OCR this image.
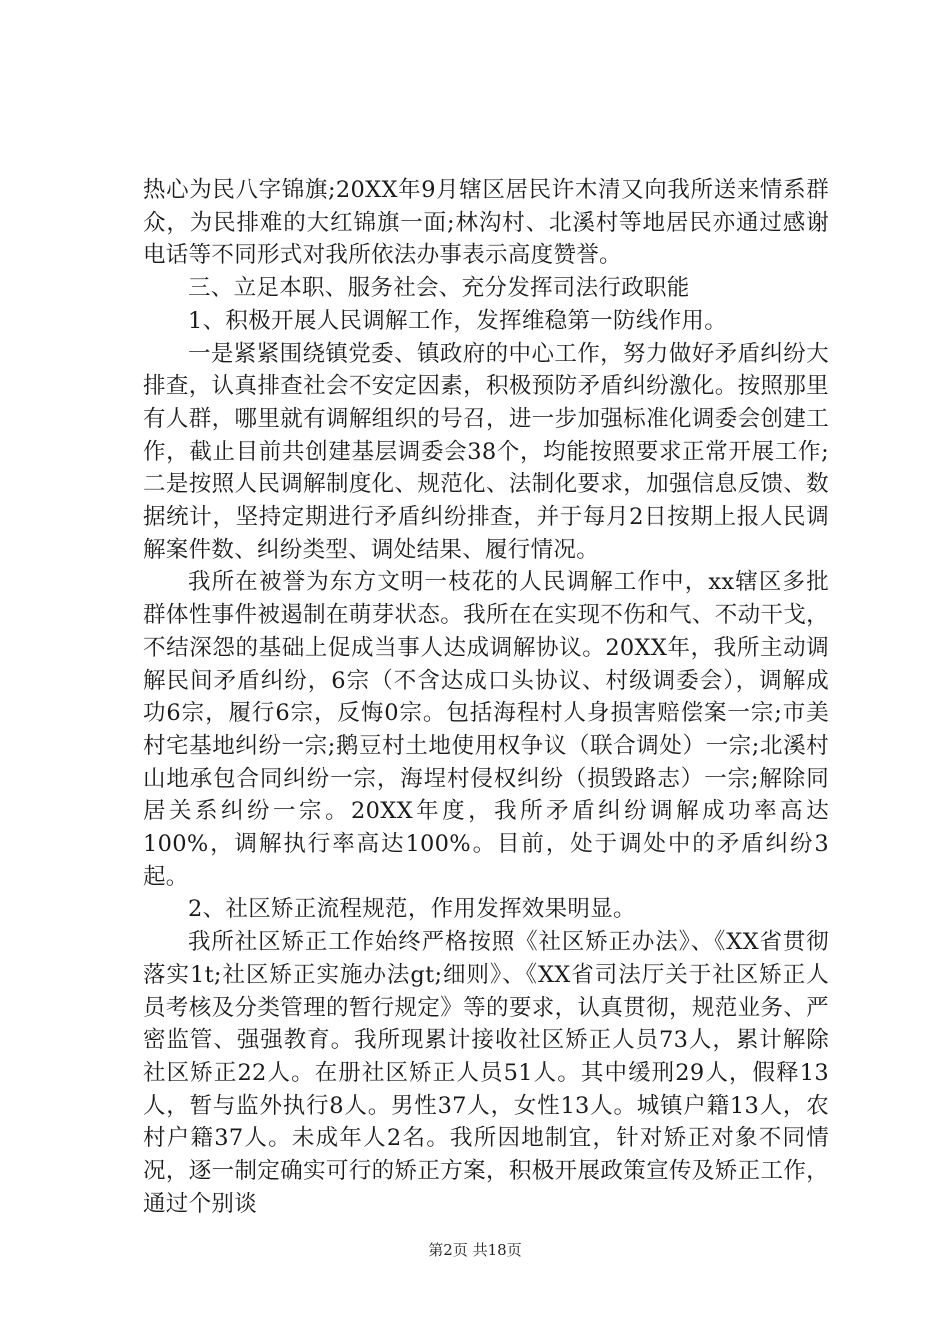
热心为民八字锦旗;20XX年9月辖区居民许木清又向我所送来情系群众，为民排难的大红锦旗一面;林沟村、北溪村等地居民亦通过感谢电话等不同形式对我所依法办事表示高度赞誉。

三、立足本职、服务社会、充分发挥司法行政职能

1、积极开展人民调解工作，发挥维稳第一防线作用。

一是紧紧围绕镇党委、镇政府的中心工作，努力做好矛盾纠纷大排查，认真排查社会不安定因素，积极预防矛盾纠纷激化。按照那里有人群，哪里就有调解组织的号召，进一步加强标准化调委会创建工作，截止目前共创建基层调委会38个，均能按照要求正常开展工作;二是按照人民调解制度化、规范化、法制化要求，加强信息反馈、数据统计，坚持定期进行矛盾纠纷排查，并于每月2日按期上报人民调解案件数、纠纷类型、调处结果、履行情况。

我所在被誉为东方文明一枝花的人民调解工作中，xx辖区多批群体性事件被遏制在萌芽状态。我所在在实现不伤和气、不动干戈，不结深怨的基础上促成当事人达成调解协议。20XX年，我所主动调解民间矛盾纠纷，6宗（不含达成口头协议、村级调委会），调解成功6宗，履行6宗，反悔0宗。包括海程村人身损害赔偿案一宗;市美村宅基地纠纷一宗;鹅豆村土地使用权争议（联合调处）一宗;北溪村山地承包合同纠纷一宗，海埕村侵权纠纷（损毁路志）一宗;解除同居关系纠纷一宗。20XX年度，我所矛盾纠纷调解成功率高达100%，调解执行率高达100%。目前，处于调处中的矛盾纠纷3起。

2、社区矫正流程规范，作用发挥效果明显。

我所社区矫正工作始终严格按照《社区矫正办法》、《XX省贯彻落实1t;社区矫正实施办法gt;细则》、《XX省司法厅关于社区矫正人员考核及分类管理的暂行规定》等的要求，认真贯彻，规范业务、严密监管、强强教育。我所现累计接收社区矫正人员73人，累计解除社区矫正22人。在册社区矫正人员51人。其中缓刑29人，假释13人，暂与监外执行8人。男性37人，女性13人。城镇户籍13人，农村户籍37人。未成年人2名。我所因地制宜，针对矫正对象不同情况，逐一制定确实可行的矫正方案，积极开展政策宣传及矫正工作，通过个别谈

第2页 共18页
